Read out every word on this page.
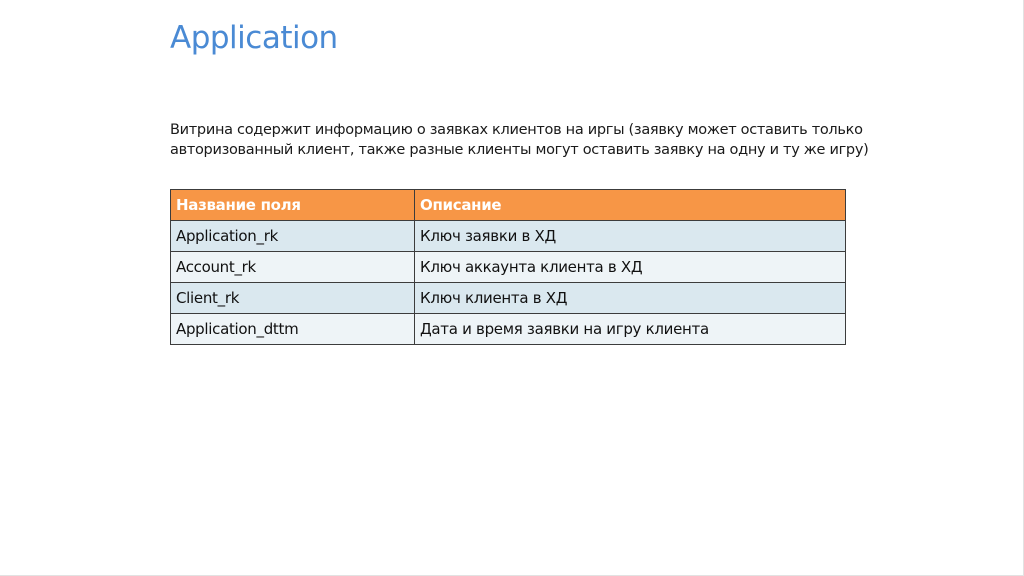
Application
Витрина содержит информацию о заявках клиентов на иргы (заявку может оставить только
авторизованный клиент, также разные клиенты могут оставить заявку на одну и ту же игру)
Название поля	Описание
Application_rk	Ключ заявки в ХД
Account_rk	Ключ аккаунта клиента в ХД
Client_rk	Ключ клиента в ХД
Application_dttm	Дата и время заявки на игру клиента
